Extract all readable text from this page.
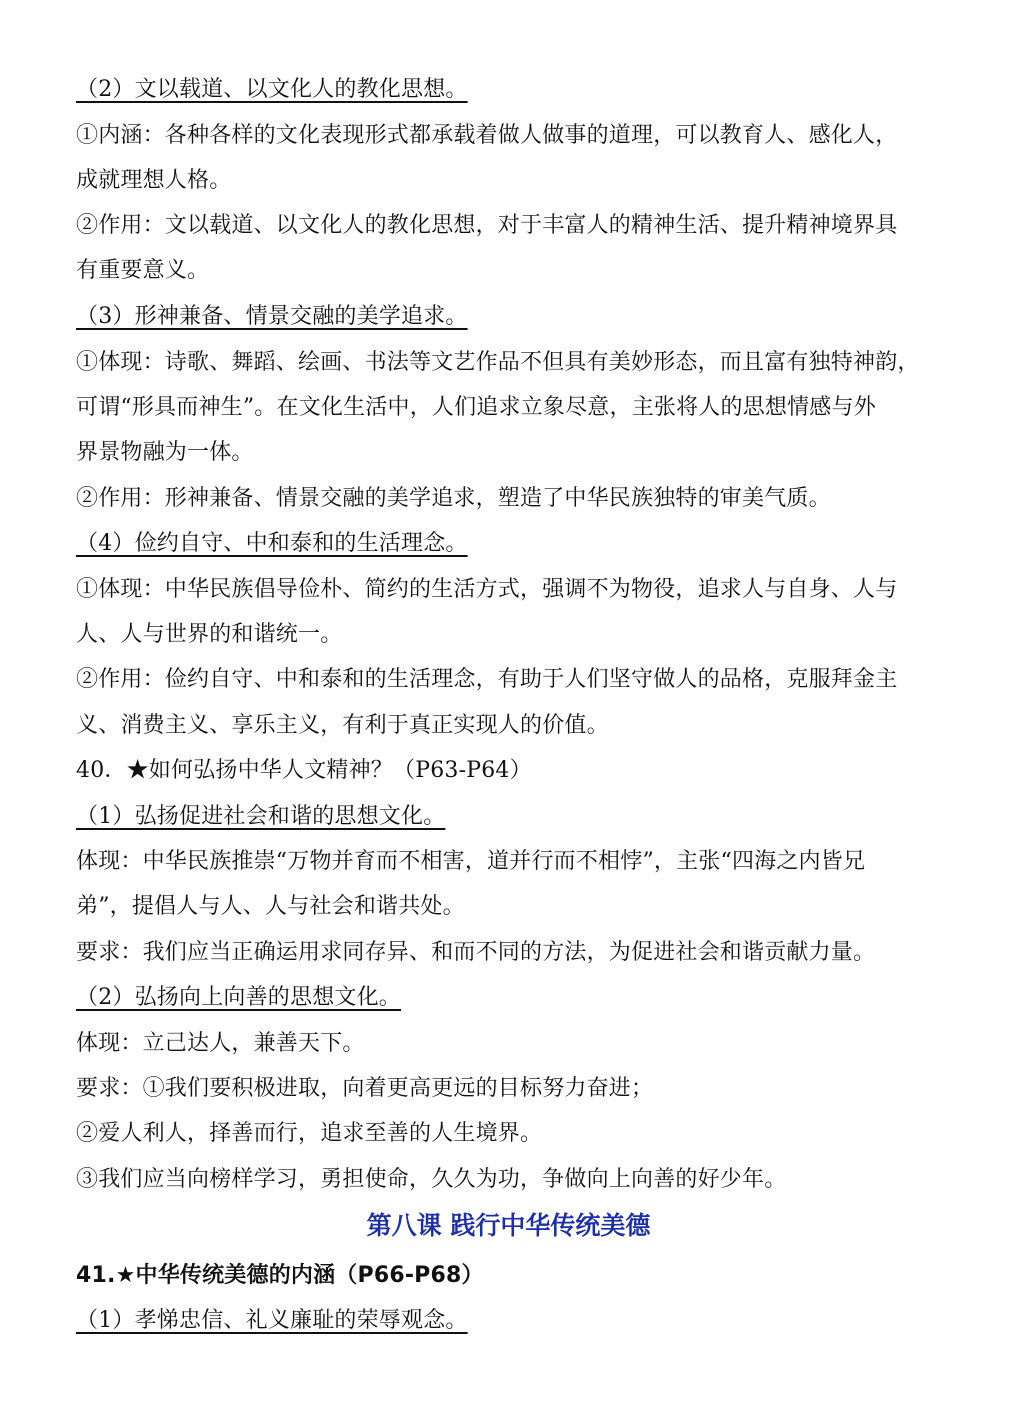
（2）文以载道、以文化人的教化思想。
①内涵：各种各样的文化表现形式都承载着做人做事的道理，可以教育人、感化人，
成就理想人格。
②作用：文以载道、以文化人的教化思想，对于丰富人的精神生活、提升精神境界具
有重要意义。
（3）形神兼备、情景交融的美学追求。
①体现：诗歌、舞蹈、绘画、书法等文艺作品不但具有美妙形态，而且富有独特神韵，
可谓“形具而神生”。在文化生活中，人们追求立象尽意，主张将人的思想情感与外
界景物融为一体。
②作用：形神兼备、情景交融的美学追求，塑造了中华民族独特的审美气质。
（4）俭约自守、中和泰和的生活理念。
①体现：中华民族倡导俭朴、简约的生活方式，强调不为物役，追求人与自身、人与
人、人与世界的和谐统一。
②作用：俭约自守、中和泰和的生活理念，有助于人们坚守做人的品格，克服拜金主
义、消费主义、享乐主义，有利于真正实现人的价值。
40．★如何弘扬中华人文精神？（P63-P64）
（1）弘扬促进社会和谐的思想文化。
体现：中华民族推崇“万物并育而不相害，道并行而不相悖”，主张“四海之内皆兄
弟”，提倡人与人、人与社会和谐共处。
要求：我们应当正确运用求同存异、和而不同的方法，为促进社会和谐贡献力量。
（2）弘扬向上向善的思想文化。
体现：立己达人，兼善天下。
要求：①我们要积极进取，向着更高更远的目标努力奋进；
②爱人利人，择善而行，追求至善的人生境界。
③我们应当向榜样学习，勇担使命，久久为功，争做向上向善的好少年。
第八课 践行中华传统美德
41.★中华传统美德的内涵（P66-P68）
（1）孝悌忠信、礼义廉耻的荣辱观念。
